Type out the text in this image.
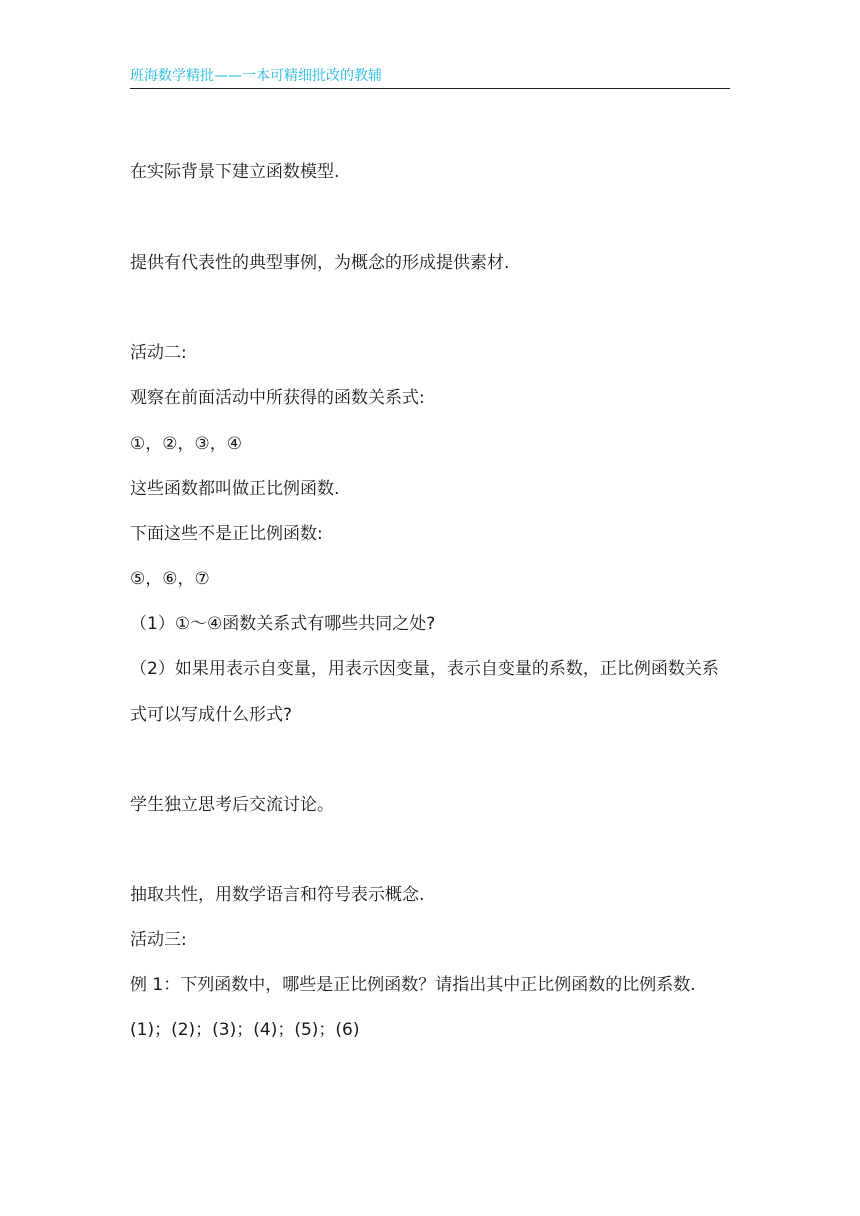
班海数学精批——一本可精细批改的教辅
在实际背景下建立函数模型.
提供有代表性的典型事例，为概念的形成提供素材.
活动二:
观察在前面活动中所获得的函数关系式:
①，②，③，④
这些函数都叫做正比例函数.
下面这些不是正比例函数:
⑤，⑥，⑦
（1）①～④函数关系式有哪些共同之处?
（2）如果用表示自变量，用表示因变量，表示自变量的系数，正比例函数关系
式可以写成什么形式?
学生独立思考后交流讨论。
抽取共性，用数学语言和符号表示概念.
活动三:
例 1：下列函数中，哪些是正比例函数？请指出其中正比例函数的比例系数.
(1)；(2)；(3)；(4)；(5)；(6)
